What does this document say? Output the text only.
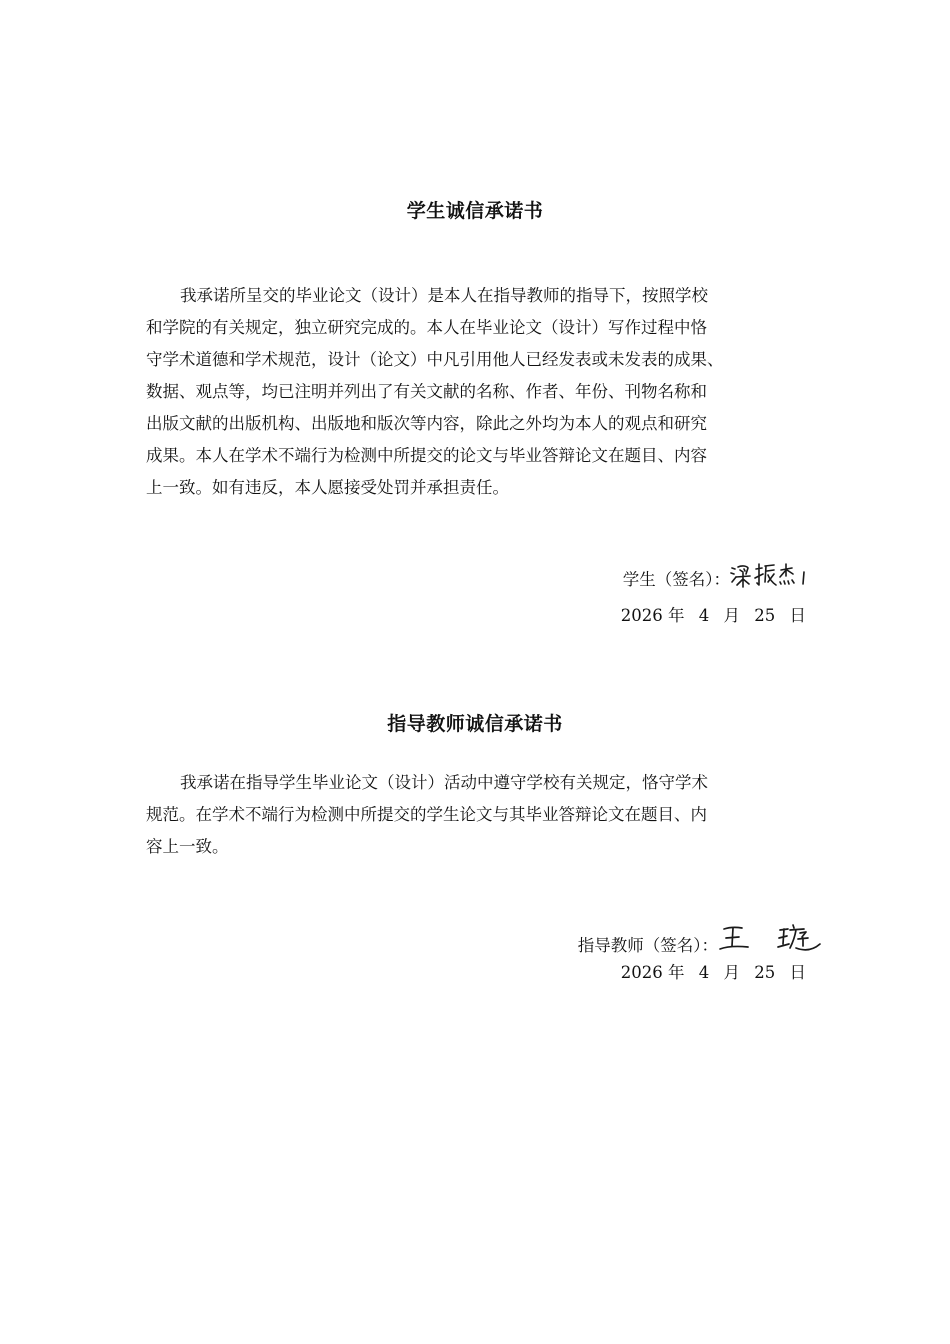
学生诚信承诺书
我承诺所呈交的毕业论文（设计）是本人在指导教师的指导下，按照学校
和学院的有关规定，独立研究完成的。本人在毕业论文（设计）写作过程中恪
守学术道德和学术规范，设计（论文）中凡引用他人已经发表或未发表的成果、
数据、观点等，均已注明并列出了有关文献的名称、作者、年份、刊物名称和
出版文献的出版机构、出版地和版次等内容，除此之外均为本人的观点和研究
成果。本人在学术不端行为检测中所提交的论文与毕业答辩论文在题目、内容
上一致。如有违反，本人愿接受处罚并承担责任。
学生（签名）：
2026 年 4 月 25 日
指导教师诚信承诺书
我承诺在指导学生毕业论文（设计）活动中遵守学校有关规定，恪守学术
规范。在学术不端行为检测中所提交的学生论文与其毕业答辩论文在题目、内
容上一致。
指导教师（签名）：
2026 年 4 月 25 日
